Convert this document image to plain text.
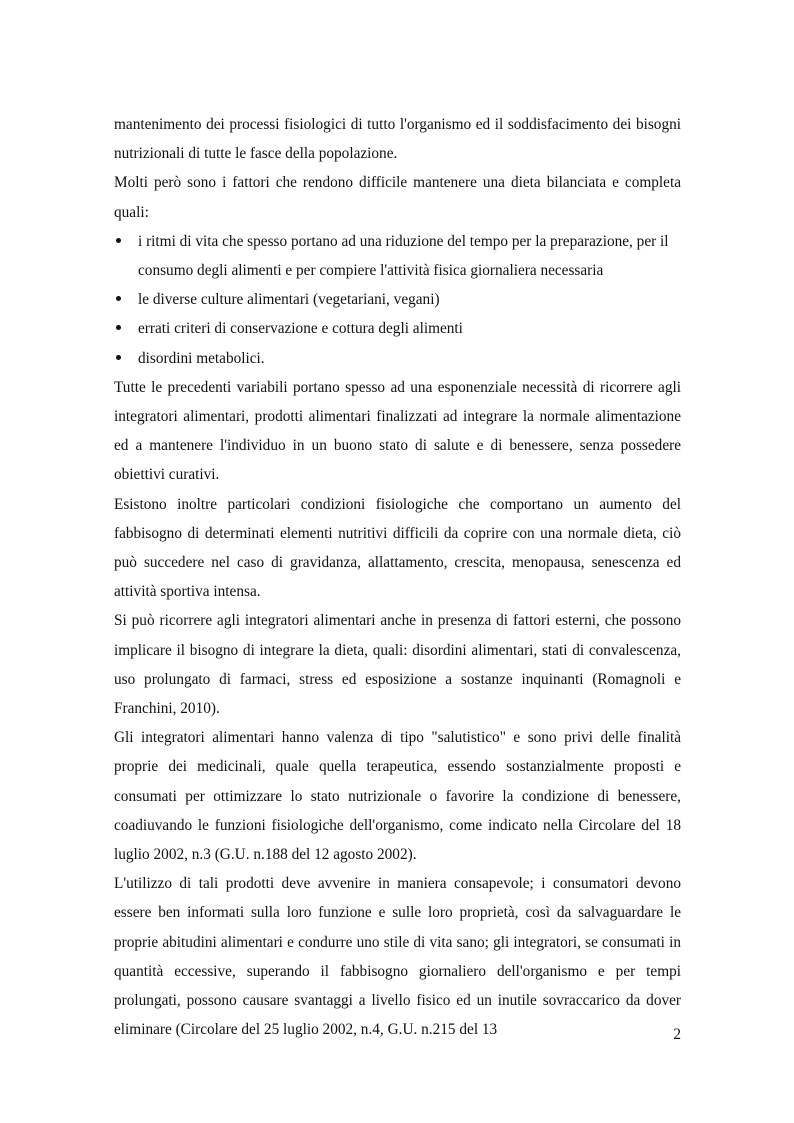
mantenimento dei processi fisiologici di tutto l'organismo ed il soddisfacimento dei bisogni nutrizionali di tutte le fasce della popolazione.

Molti però sono i fattori che rendono difficile mantenere una dieta bilanciata e completa quali:

i ritmi di vita che spesso portano ad una riduzione del tempo per la preparazione, per il consumo degli alimenti e per compiere l'attività fisica giornaliera necessaria
le diverse culture alimentari (vegetariani, vegani)
errati criteri di conservazione e cottura degli alimenti
disordini metabolici.

Tutte le precedenti variabili portano spesso ad una esponenziale necessità di ricorrere agli integratori alimentari, prodotti alimentari finalizzati ad integrare la normale alimentazione ed a mantenere l'individuo in un buono stato di salute e di benessere, senza possedere obiettivi curativi.

Esistono inoltre particolari condizioni fisiologiche che comportano un aumento del fabbisogno di determinati elementi nutritivi difficili da coprire con una normale dieta, ciò può succedere nel caso di gravidanza, allattamento, crescita, menopausa, senescenza ed attività sportiva intensa.

Si può ricorrere agli integratori alimentari anche in presenza di fattori esterni, che possono implicare il bisogno di integrare la dieta, quali: disordini alimentari, stati di convalescenza, uso prolungato di farmaci, stress ed esposizione a sostanze inquinanti (Romagnoli e Franchini, 2010).

Gli integratori alimentari hanno valenza di tipo "salutistico" e sono privi delle finalità proprie dei medicinali, quale quella terapeutica, essendo sostanzialmente proposti e consumati per ottimizzare lo stato nutrizionale o favorire la condizione di benessere, coadiuvando le funzioni fisiologiche dell'organismo, come indicato nella Circolare del 18 luglio 2002, n.3 (G.U. n.188 del 12 agosto 2002).

L'utilizzo di tali prodotti deve avvenire in maniera consapevole; i consumatori devono essere ben informati sulla loro funzione e sulle loro proprietà, così da salvaguardare le proprie abitudini alimentari e condurre uno stile di vita sano; gli integratori, se consumati in quantità eccessive, superando il fabbisogno giornaliero dell'organismo e per tempi prolungati, possono causare svantaggi a livello fisico ed un inutile sovraccarico da dover eliminare (Circolare del 25 luglio 2002, n.4, G.U. n.215 del 13	2
